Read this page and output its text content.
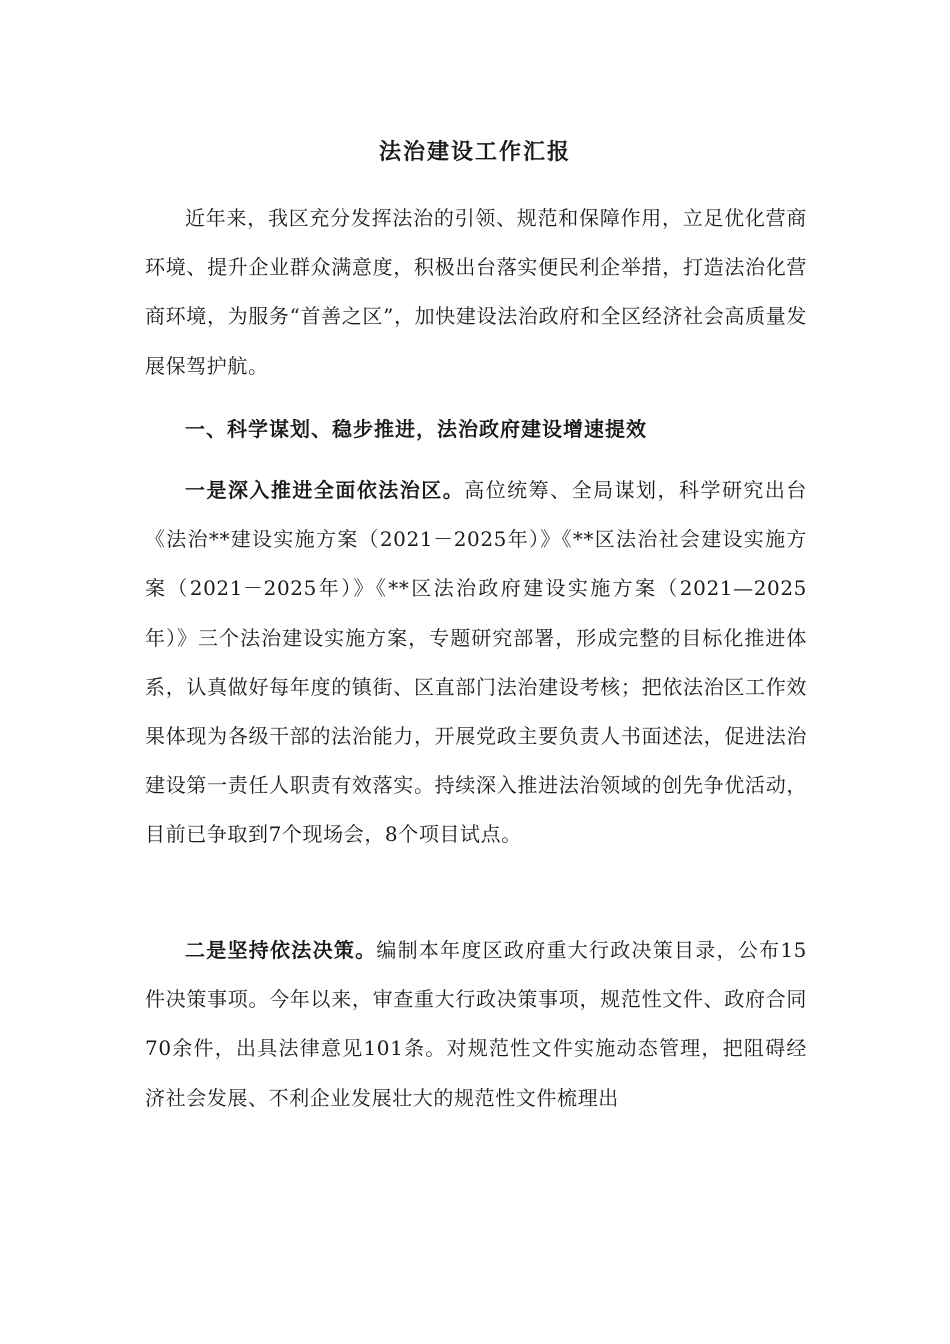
法治建设工作汇报

近年来，我区充分发挥法治的引领、规范和保障作用，立足优化营商环境、提升企业群众满意度，积极出台落实便民利企举措，打造法治化营商环境，为服务“首善之区”，加快建设法治政府和全区经济社会高质量发展保驾护航。

一、科学谋划、稳步推进，法治政府建设增速提效

一是深入推进全面依法治区。高位统筹、全局谋划，科学研究出台《法治**建设实施方案（2021－2025年）》《**区法治社会建设实施方案（2021－2025年）》《**区法治政府建设实施方案（2021—2025年）》三个法治建设实施方案，专题研究部署，形成完整的目标化推进体系，认真做好每年度的镇街、区直部门法治建设考核；把依法治区工作效果体现为各级干部的法治能力，开展党政主要负责人书面述法，促进法治建设第一责任人职责有效落实。持续深入推进法治领域的创先争优活动，目前已争取到7个现场会，8个项目试点。

二是坚持依法决策。编制本年度区政府重大行政决策目录，公布15件决策事项。今年以来，审查重大行政决策事项，规范性文件、政府合同70余件，出具法律意见101条。对规范性文件实施动态管理，把阻碍经济社会发展、不利企业发展壮大的规范性文件梳理出
